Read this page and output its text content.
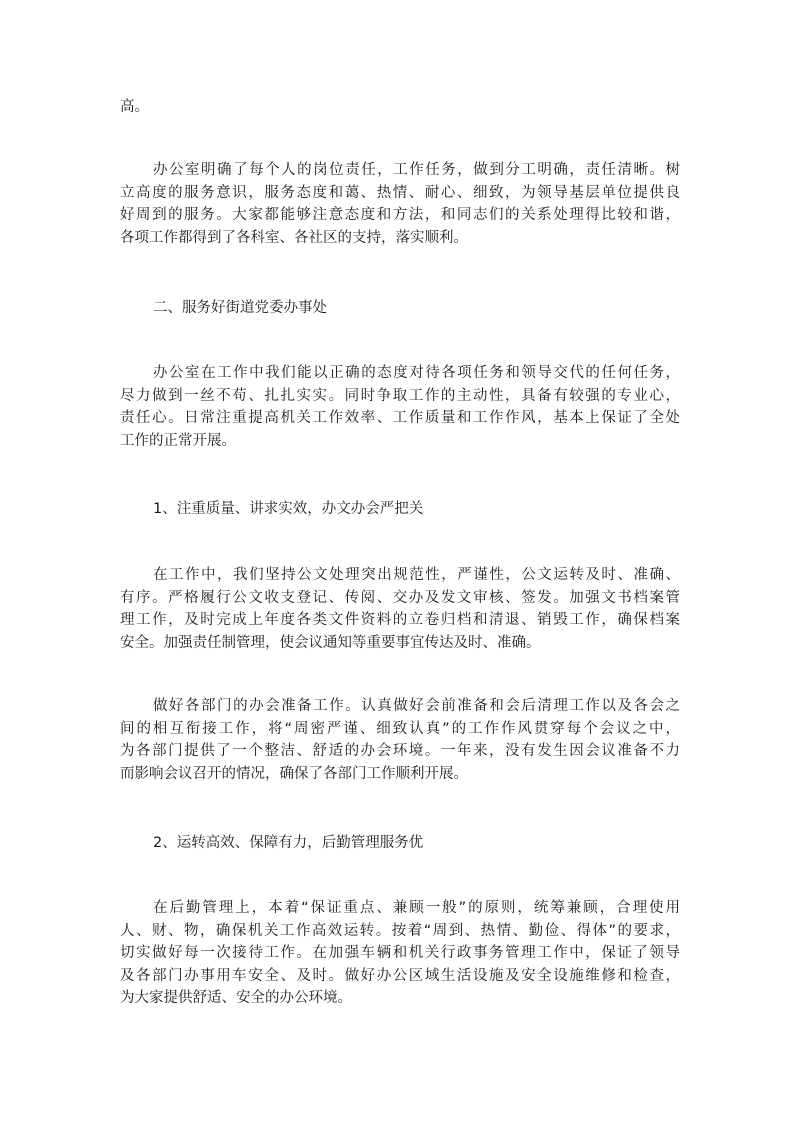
高。
办公室明确了每个人的岗位责任，工作任务，做到分工明确，责任清晰。树
立高度的服务意识，服务态度和蔼、热情、耐心、细致，为领导基层单位提供良
好周到的服务。大家都能够注意态度和方法，和同志们的关系处理得比较和谐，
各项工作都得到了各科室、各社区的支持，落实顺利。
二、服务好街道党委办事处
办公室在工作中我们能以正确的态度对待各项任务和领导交代的任何任务，
尽力做到一丝不苟、扎扎实实。同时争取工作的主动性，具备有较强的专业心，
责任心。日常注重提高机关工作效率、工作质量和工作作风，基本上保证了全处
工作的正常开展。
1、注重质量、讲求实效，办文办会严把关
在工作中，我们坚持公文处理突出规范性，严谨性，公文运转及时、准确、
有序。严格履行公文收支登记、传阅、交办及发文审核、签发。加强文书档案管
理工作，及时完成上年度各类文件资料的立卷归档和清退、销毁工作，确保档案
安全。加强责任制管理，使会议通知等重要事宜传达及时、准确。
做好各部门的办会准备工作。认真做好会前准备和会后清理工作以及各会之
间的相互衔接工作，将“周密严谨、细致认真”的工作作风贯穿每个会议之中，
为各部门提供了一个整洁、舒适的办会环境。一年来，没有发生因会议准备不力
而影响会议召开的情况，确保了各部门工作顺利开展。
2、运转高效、保障有力，后勤管理服务优
在后勤管理上，本着“保证重点、兼顾一般”的原则，统筹兼顾，合理使用
人、财、物，确保机关工作高效运转。按着“周到、热情、勤俭、得体”的要求，
切实做好每一次接待工作。在加强车辆和机关行政事务管理工作中，保证了领导
及各部门办事用车安全、及时。做好办公区域生活设施及安全设施维修和检查，
为大家提供舒适、安全的办公环境。
